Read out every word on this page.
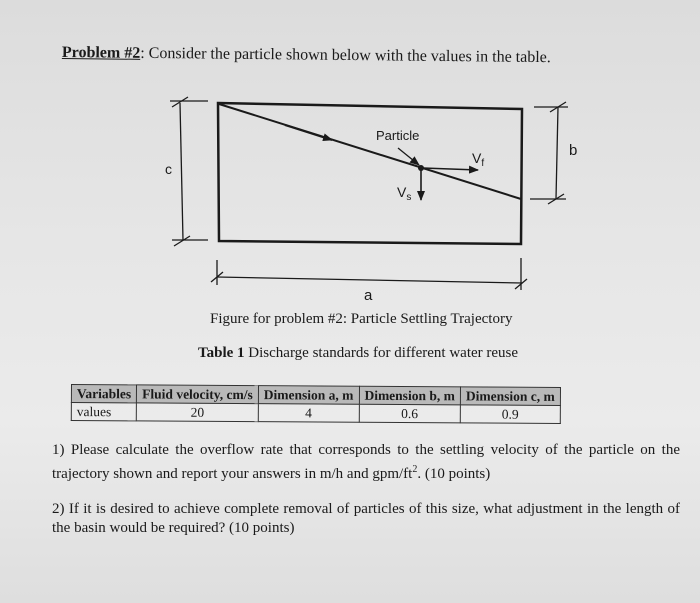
Problem #2: Consider the particle shown below with the values in the table.
Particle
$V_f$
$V_s$
c
b
a
Figure for problem #2: Particle Settling Trajectory
Table 1 Discharge standards for different water reuse
Variables	Fluid velocity, cm/s	Dimension a, m	Dimension b, m	Dimension c, m
values	20	4	0.6	0.9
1) Please calculate the overflow rate that corresponds to the settling velocity of the particle on the trajectory shown and report your answers in m/h and gpm/$ft^2$. (10 points)
2) If it is desired to achieve complete removal of particles of this size, what adjustment in the length of the basin would be required? (10 points)
